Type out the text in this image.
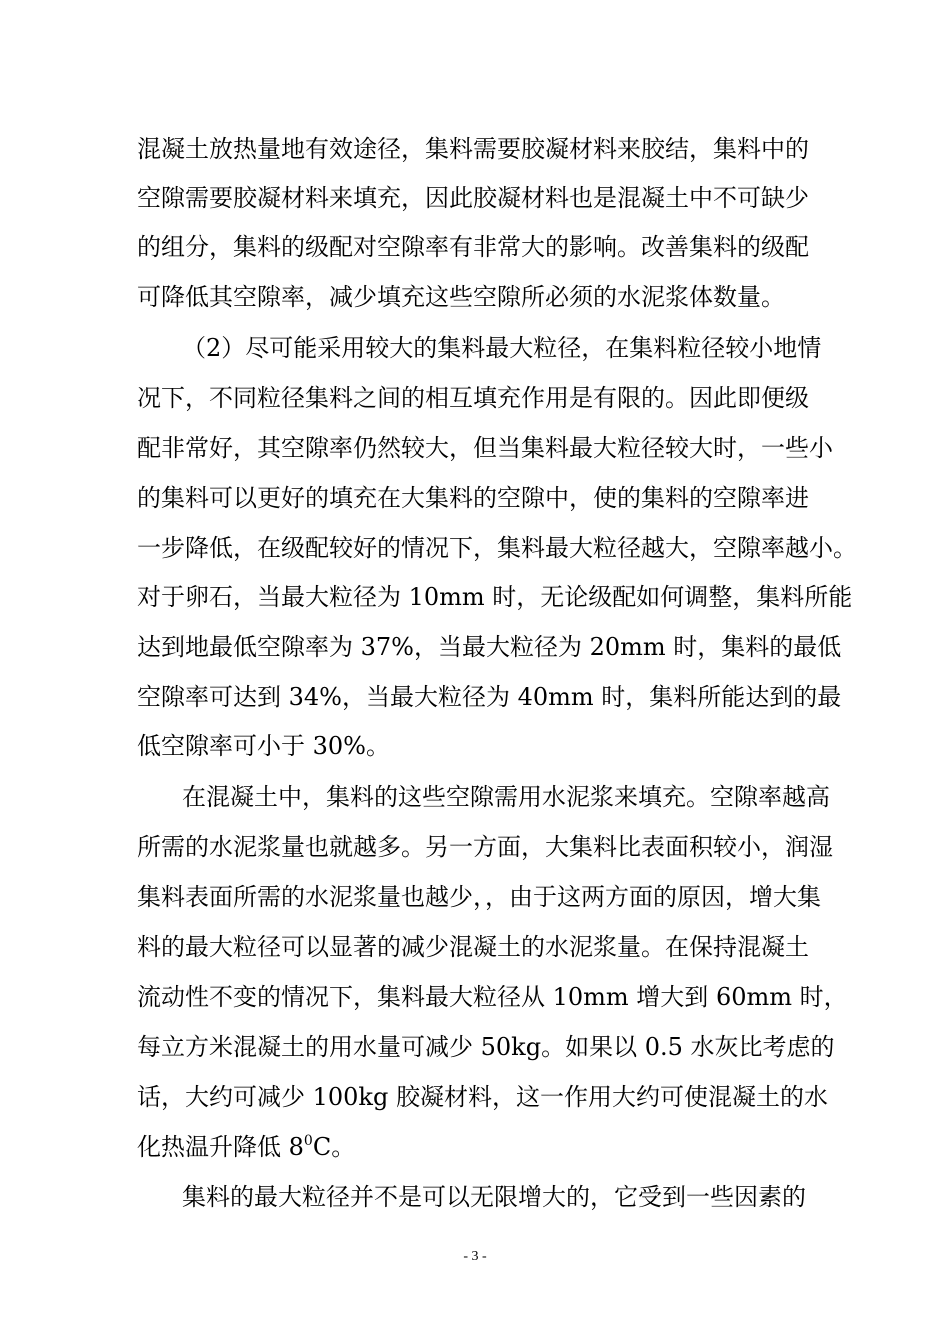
混凝土放热量地有效途径，集料需要胶凝材料来胶结，集料中的
空隙需要胶凝材料来填充，因此胶凝材料也是混凝土中不可缺少
的组分，集料的级配对空隙率有非常大的影响。改善集料的级配
可降低其空隙率，减少填充这些空隙所必须的水泥浆体数量。
（2）尽可能采用较大的集料最大粒径，在集料粒径较小地情
况下，不同粒径集料之间的相互填充作用是有限的。因此即便级
配非常好，其空隙率仍然较大，但当集料最大粒径较大时，一些小
的集料可以更好的填充在大集料的空隙中，使的集料的空隙率进
一步降低，在级配较好的情况下，集料最大粒径越大，空隙率越小。
对于卵石，当最大粒径为 10mm 时，无论级配如何调整，集料所能
达到地最低空隙率为 37%，当最大粒径为 20mm 时，集料的最低
空隙率可达到 34%，当最大粒径为 40mm 时，集料所能达到的最
低空隙率可小于 30%。
在混凝土中，集料的这些空隙需用水泥浆来填充。空隙率越高
所需的水泥浆量也就越多。另一方面，大集料比表面积较小，润湿
集料表面所需的水泥浆量也越少，，由于这两方面的原因，增大集
料的最大粒径可以显著的减少混凝土的水泥浆量。在保持混凝土
流动性不变的情况下，集料最大粒径从 10mm 增大到 60mm 时，
每立方米混凝土的用水量可减少 50kg。如果以 0.5 水灰比考虑的
话，大约可减少 100kg 胶凝材料，这一作用大约可使混凝土的水
化热温升降低 $8^0C$。
集料的最大粒径并不是可以无限增大的，它受到一些因素的
- 3 -
